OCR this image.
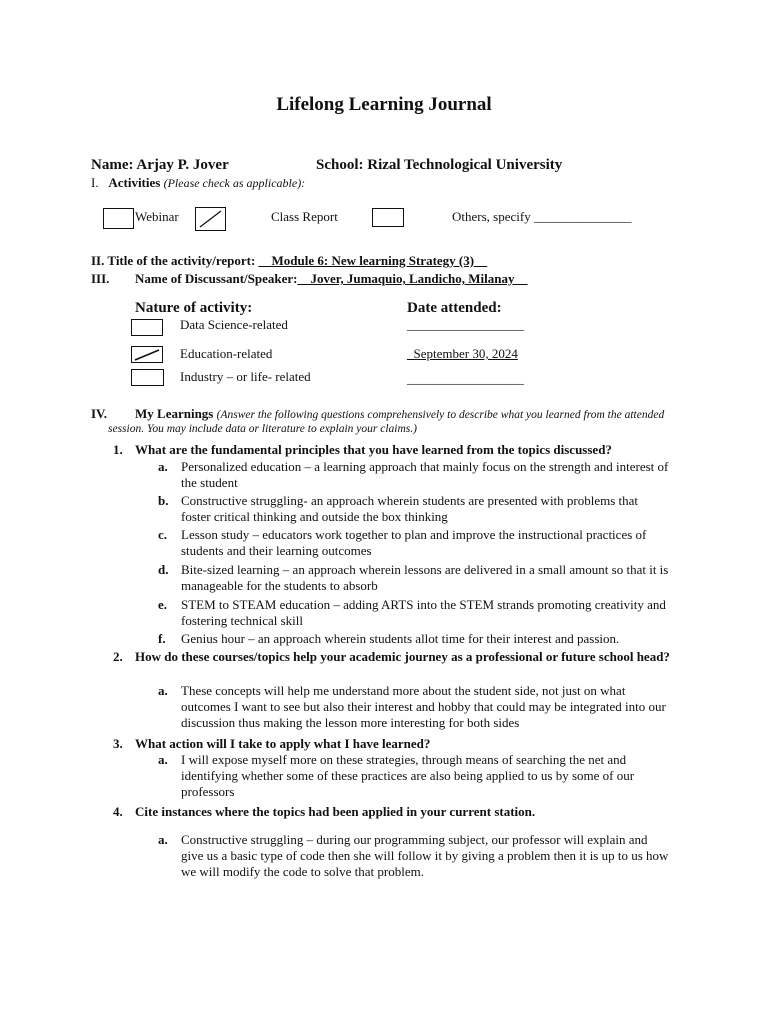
Lifelong Learning Journal
Name: Arjay P. Jover	School: Rizal Technological University
I. Activities (Please check as applicable):
Webinar	Class Report	Others, specify _______________
II. Title of the activity/report: __Module 6: New learning Strategy (3)__
III. Name of Discussant/Speaker:__Jover, Jumaquio, Landicho, Milanay__
Nature of activity:	Date attended:
Data Science-related	__________________
Education-related	_September 30, 2024
Industry – or life- related	__________________
IV. My Learnings (Answer the following questions comprehensively to describe what you learned from the attended
session. You may include data or literature to explain your claims.)
1. What are the fundamental principles that you have learned from the topics discussed?
a. Personalized education – a learning approach that mainly focus on the strength and interest of the student
b. Constructive struggling- an approach wherein students are presented with problems that foster critical thinking and outside the box thinking
c. Lesson study – educators work together to plan and improve the instructional practices of students and their learning outcomes
d. Bite-sized learning – an approach wherein lessons are delivered in a small amount so that it is manageable for the students to absorb
e. STEM to STEAM education – adding ARTS into the STEM strands promoting creativity and fostering technical skill
f. Genius hour – an approach wherein students allot time for their interest and passion.
2. How do these courses/topics help your academic journey as a professional or future school head?
a. These concepts will help me understand more about the student side, not just on what outcomes I want to see but also their interest and hobby that could may be integrated into our discussion thus making the lesson more interesting for both sides
3. What action will I take to apply what I have learned?
a. I will expose myself more on these strategies, through means of searching the net and identifying whether some of these practices are also being applied to us by some of our professors
4. Cite instances where the topics had been applied in your current station.
a. Constructive struggling – during our programming subject, our professor will explain and give us a basic type of code then she will follow it by giving a problem then it is up to us how we will modify the code to solve that problem.
